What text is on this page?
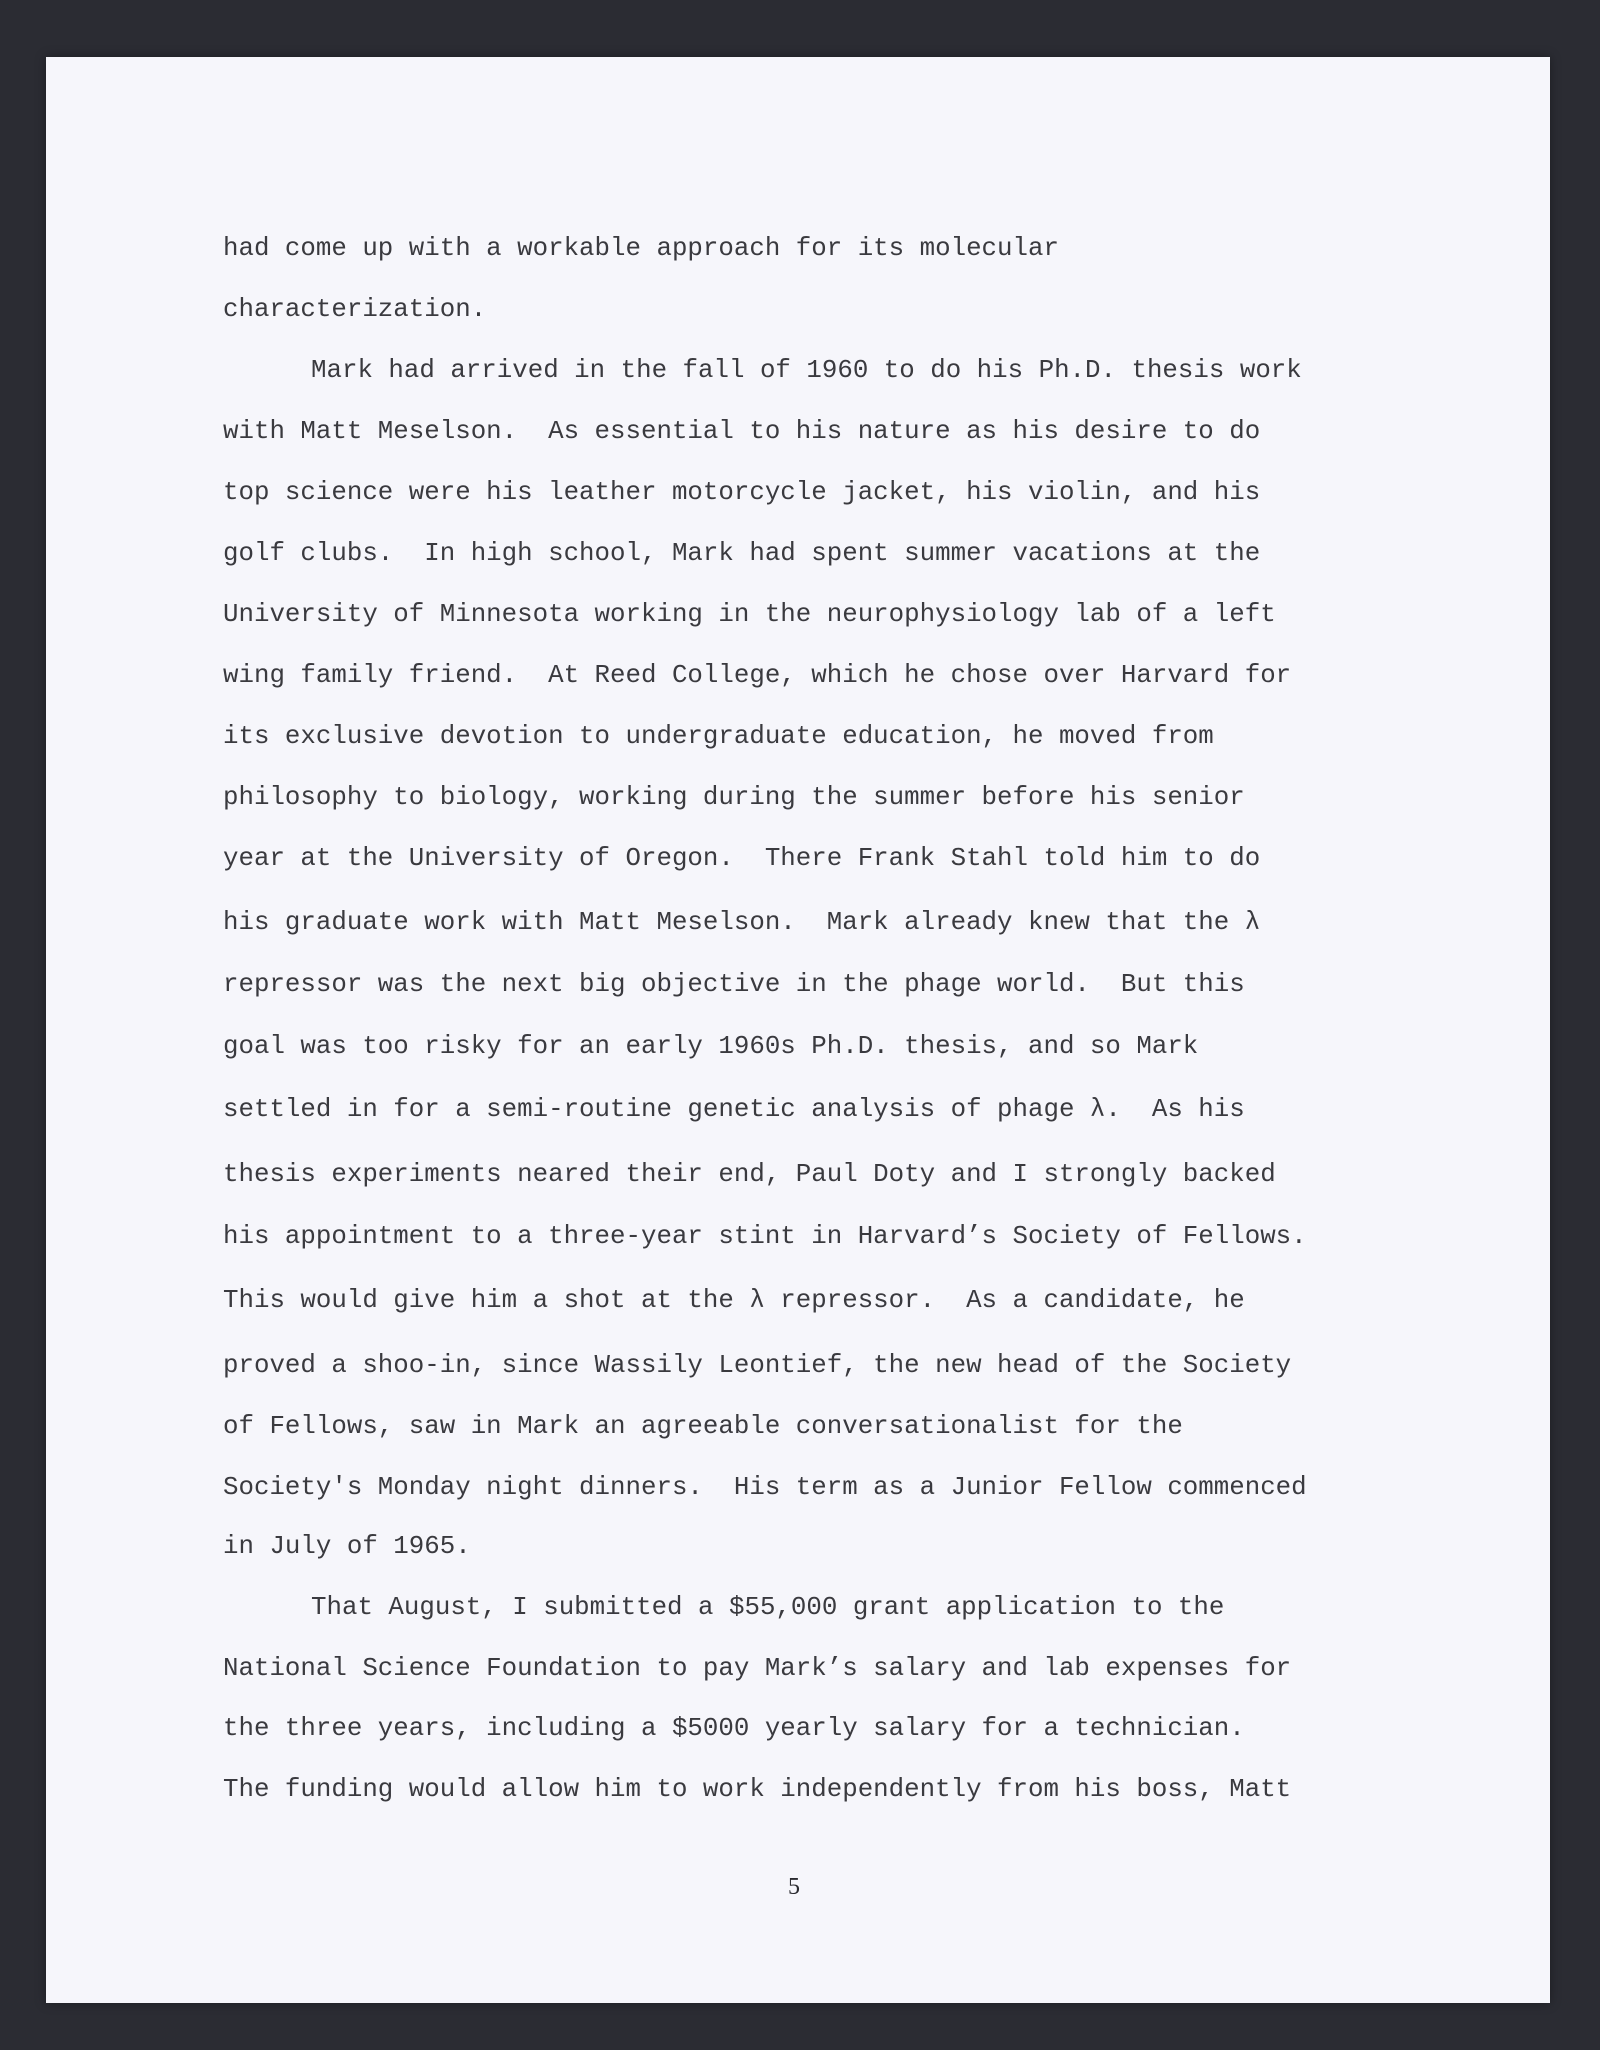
had come up with a workable approach for its molecular

characterization.

Mark had arrived in the fall of 1960 to do his Ph.D. thesis work

with Matt Meselson.  As essential to his nature as his desire to do

top science were his leather motorcycle jacket, his violin, and his

golf clubs.  In high school, Mark had spent summer vacations at the

University of Minnesota working in the neurophysiology lab of a left

wing family friend.  At Reed College, which he chose over Harvard for

its exclusive devotion to undergraduate education, he moved from

philosophy to biology, working during the summer before his senior

year at the University of Oregon.  There Frank Stahl told him to do

his graduate work with Matt Meselson.  Mark already knew that the λ

repressor was the next big objective in the phage world.  But this

goal was too risky for an early 1960s Ph.D. thesis, and so Mark

settled in for a semi-routine genetic analysis of phage λ.  As his

thesis experiments neared their end, Paul Doty and I strongly backed

his appointment to a three-year stint in Harvard’s Society of Fellows.

This would give him a shot at the λ repressor.  As a candidate, he

proved a shoo-in, since Wassily Leontief, the new head of the Society

of Fellows, saw in Mark an agreeable conversationalist for the

Society's Monday night dinners.  His term as a Junior Fellow commenced

in July of 1965.

That August, I submitted a $55,000 grant application to the

National Science Foundation to pay Mark’s salary and lab expenses for

the three years, including a $5000 yearly salary for a technician.

The funding would allow him to work independently from his boss, Matt

5
